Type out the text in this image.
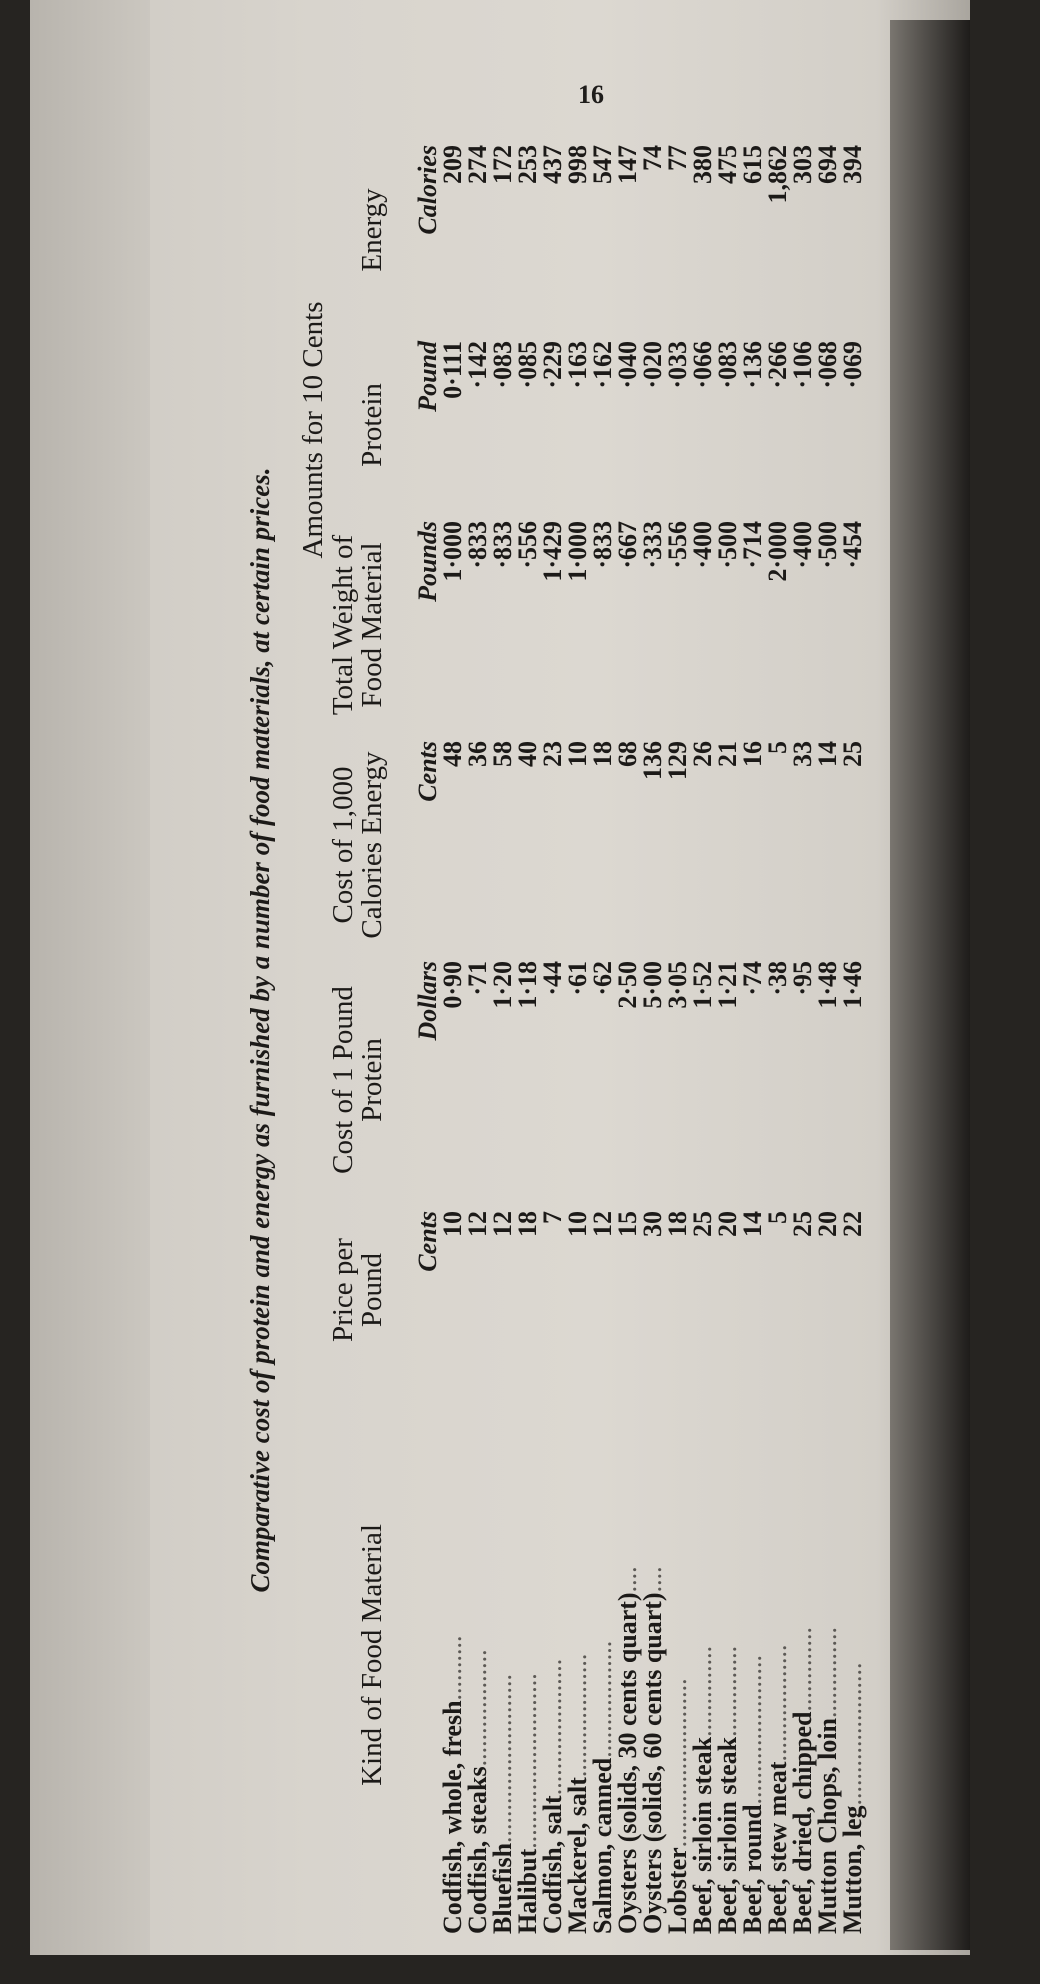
16
Comparative cost of protein and energy as furnished by a number of food materials, at certain prices.
Kind of Food Material	Price per Pound	Cost of 1 Pound Protein	Cost of 1,000 Calories Energy	Amounts for 10 Cents		
				Total Weight of Food Material	Protein	Energy
	Cents	Dollars	Cents	Pounds	Pound	Calories
Codfish, whole, fresh..........	10	0·90	48	1·000	0·111	209
Codfish, steaks..................	12	·71	36	·833	·142	274
Bluefish..........................	12	1·20	58	·833	·083	172
Halibut...........................	18	1·18	40	·556	·085	253
Codfish, salt.....................	7	·44	23	1·429	·229	437
Mackerel, salt...................	10	·61	10	1·000	·163	998
Salmon, canned..................	12	·62	18	·833	·162	547
Oysters (solids, 30 cents quart)....	15	2·50	68	·667	·040	147
Oysters (solids, 60 cents quart)....	30	5·00	136	·333	·020	74
Lobster..........................	18	3·05	129	·556	·033	77
Beef, sirloin steak..............	25	1·52	26	·400	·066	380
Beef, sirloin steak..............	20	1·21	21	·500	·083	475
Beef, round.......................	14	·74	16	·714	·136	615
Beef, stew meat..................	5	·38	5	2·000	·266	1,862
Beef, dried, chipped.............	25	·95	33	·400	·106	303
Mutton Chops, loin..............	20	1·48	14	·500	·068	694
Mutton, leg......................	22	1·46	25	·454	·069	394
